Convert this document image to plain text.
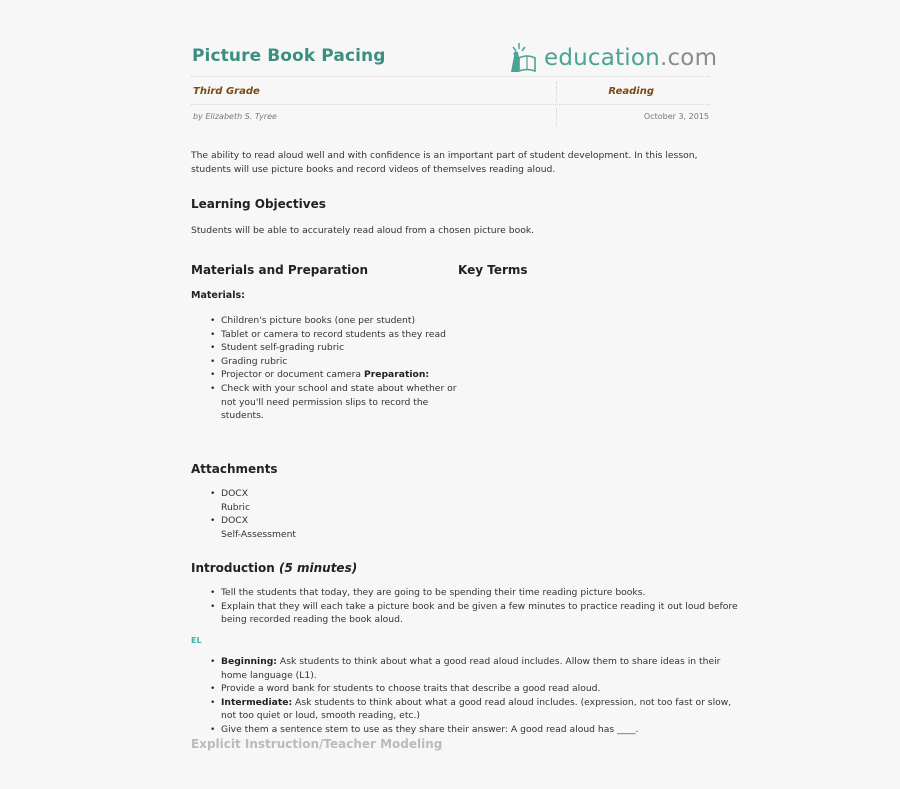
Picture Book Pacing	education.com
Third Grade	Reading
by Elizabeth S. Tyree	October 3, 2015
The ability to read aloud well and with confidence is an important part of student development. In this lesson, students will use picture books and record videos of themselves reading aloud.
Learning Objectives
Students will be able to accurately read aloud from a chosen picture book.
Materials and Preparation	Key Terms
Materials:
• Children's picture books (one per student)
• Tablet or camera to record students as they read
• Student self-grading rubric
• Grading rubric
• Projector or document camera Preparation:
• Check with your school and state about whether or not you'll need permission slips to record the students.
Attachments
• DOCX
Rubric
• DOCX
Self-Assessment
Introduction (5 minutes)
• Tell the students that today, they are going to be spending their time reading picture books.
• Explain that they will each take a picture book and be given a few minutes to practice reading it out loud before being recorded reading the book aloud.
EL
• Beginning: Ask students to think about what a good read aloud includes. Allow them to share ideas in their home language (L1).
• Provide a word bank for students to choose traits that describe a good read aloud.
• Intermediate: Ask students to think about what a good read aloud includes. (expression, not too fast or slow, not too quiet or loud, smooth reading, etc.)
• Give them a sentence stem to use as they share their answer: A good read aloud has ____.
Explicit Instruction/Teacher Modeling
